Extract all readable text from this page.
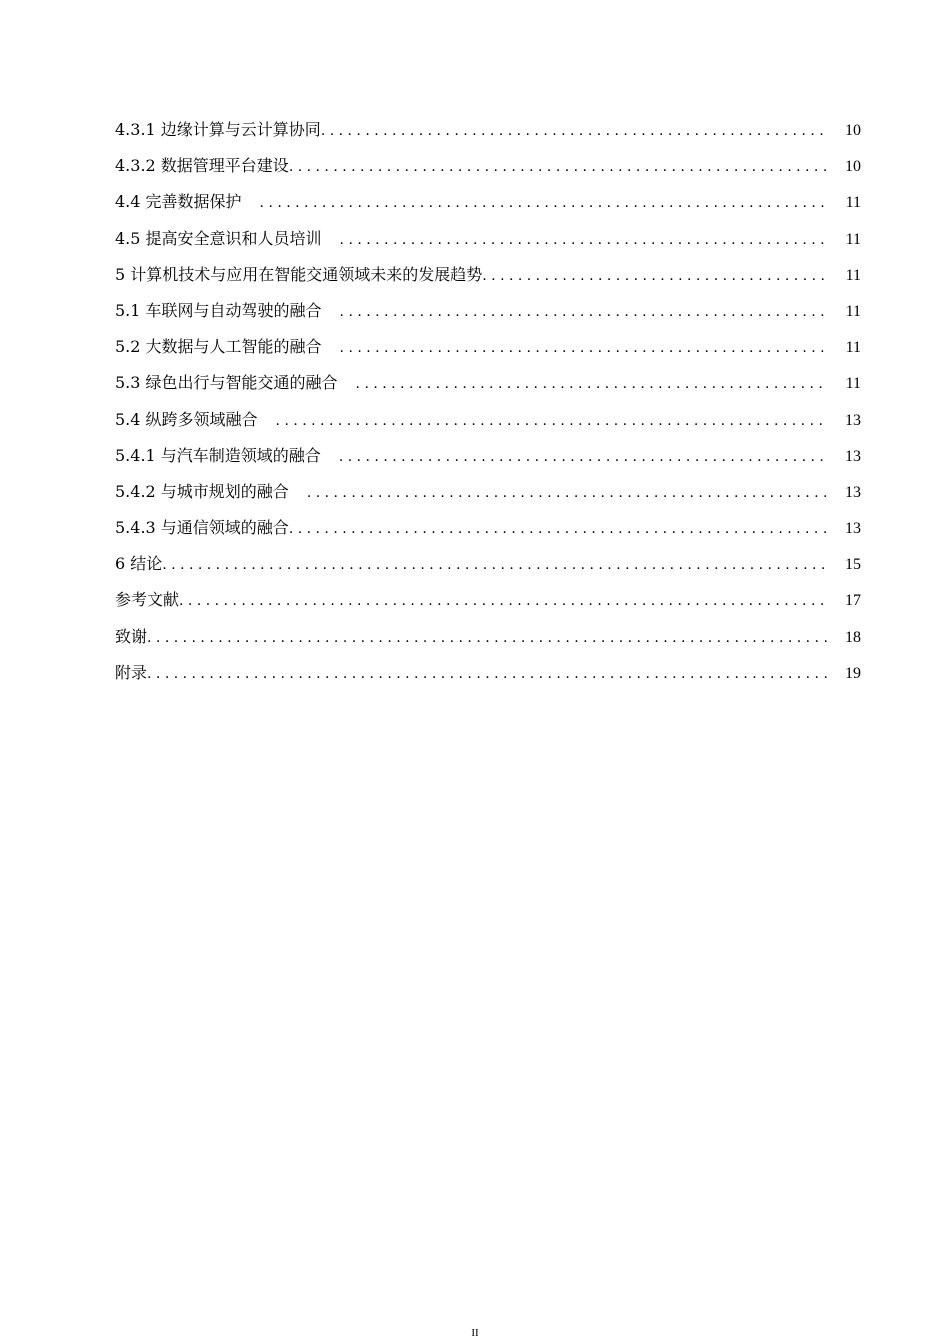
4.3.1 边缘计算与云计算协同 . . .	10
4.3.2 数据管理平台建设 . . .	10
4.4 完善数据保护 . . .	11
4.5 提高安全意识和人员培训 . . .	11
5 计算机技术与应用在智能交通领域未来的发展趋势 . . .	11
5.1 车联网与自动驾驶的融合 . . .	11
5.2 大数据与人工智能的融合 . . .	11
5.3 绿色出行与智能交通的融合 . . .	11
5.4 纵跨多领域融合 . . .	13
5.4.1 与汽车制造领域的融合 . . .	13
5.4.2 与城市规划的融合 . . .	13
5.4.3 与通信领域的融合 . . .	13
6 结论 . . .	15
参考文献 . . .	17
致谢 . . .	18
附录 . . .	19
II
